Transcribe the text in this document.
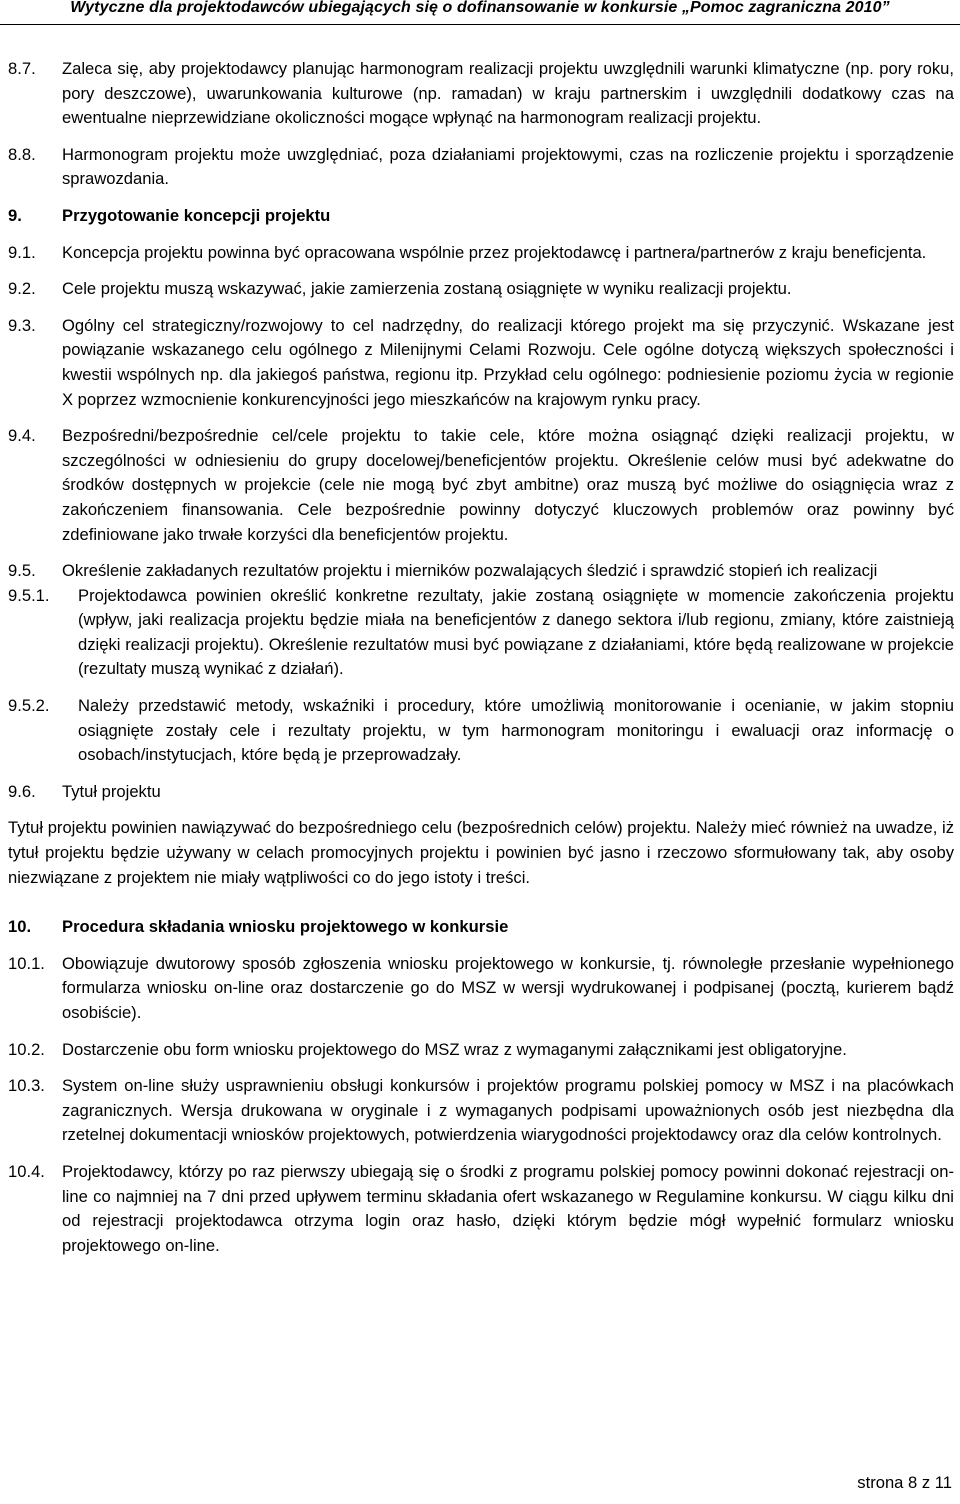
Wytyczne dla projektodawców ubiegających się o dofinansowanie w konkursie „Pomoc zagraniczna 2010”
8.7.	Zaleca się, aby projektodawcy planując harmonogram realizacji projektu uwzględnili warunki klimatyczne (np. pory roku, pory deszczowe), uwarunkowania kulturowe (np. ramadan) w kraju partnerskim i uwzględnili dodatkowy czas na ewentualne nieprzewidziane okoliczności mogące wpłynąć na harmonogram realizacji projektu.
8.8.	Harmonogram projektu może uwzględniać, poza działaniami projektowymi, czas na rozliczenie projektu i sporządzenie sprawozdania.
9.	Przygotowanie koncepcji projektu
9.1.	Koncepcja projektu powinna być opracowana wspólnie przez projektodawcę i partnera/partnerów z kraju beneficjenta.
9.2.	Cele projektu muszą wskazywać, jakie zamierzenia zostaną osiągnięte w wyniku realizacji projektu.
9.3.	Ogólny cel strategiczny/rozwojowy to cel nadrzędny, do realizacji którego projekt ma się przyczynić. Wskazane jest powiązanie wskazanego celu ogólnego z Milenijnymi Celami Rozwoju. Cele ogólne dotyczą większych społeczności i kwestii wspólnych np. dla jakiegoś państwa, regionu itp. Przykład celu ogólnego: podniesienie poziomu życia w regionie X poprzez wzmocnienie konkurencyjności jego mieszkańców na krajowym rynku pracy.
9.4.	Bezpośredni/bezpośrednie cel/cele projektu to takie cele, które można osiągnąć dzięki realizacji projektu, w szczególności w odniesieniu do grupy docelowej/beneficjentów projektu. Określenie celów musi być adekwatne do środków dostępnych w projekcie (cele nie mogą być zbyt ambitne) oraz muszą być możliwe do osiągnięcia wraz z zakończeniem finansowania. Cele bezpośrednie powinny dotyczyć kluczowych problemów oraz powinny być zdefiniowane jako trwałe korzyści dla beneficjentów projektu.
9.5.	Określenie zakładanych rezultatów projektu i mierników pozwalających śledzić i sprawdzić stopień ich realizacji
9.5.1.	Projektodawca powinien określić konkretne rezultaty, jakie zostaną osiągnięte w momencie zakończenia projektu (wpływ, jaki realizacja projektu będzie miała na beneficjentów z danego sektora i/lub regionu, zmiany, które zaistnieją dzięki realizacji projektu). Określenie rezultatów musi być powiązane z działaniami, które będą realizowane w projekcie (rezultaty muszą wynikać z działań).
9.5.2.	Należy przedstawić metody, wskaźniki i procedury, które umożliwią monitorowanie i ocenianie, w jakim stopniu osiągnięte zostały cele i rezultaty projektu, w tym harmonogram monitoringu i ewaluacji oraz informację o osobach/instytucjach, które będą je przeprowadzały.
9.6.	Tytuł projektu
Tytuł projektu powinien nawiązywać do bezpośredniego celu (bezpośrednich celów) projektu. Należy mieć również na uwadze, iż tytuł projektu będzie używany w celach promocyjnych projektu i powinien być jasno i rzeczowo sformułowany tak, aby osoby niezwiązane z projektem nie miały wątpliwości co do jego istoty i treści.
10.	Procedura składania wniosku projektowego w konkursie
10.1.	Obowiązuje dwutorowy sposób zgłoszenia wniosku projektowego w konkursie, tj. równoległe przesłanie wypełnionego formularza wniosku on-line oraz dostarczenie go do MSZ w wersji wydrukowanej i podpisanej (pocztą, kurierem bądź osobiście).
10.2.	Dostarczenie obu form wniosku projektowego do MSZ wraz z wymaganymi załącznikami jest obligatoryjne.
10.3.	System on-line służy usprawnieniu obsługi konkursów i projektów programu polskiej pomocy w MSZ i na placówkach zagranicznych. Wersja drukowana w oryginale i z wymaganych podpisami upoważnionych osób jest niezbędna dla rzetelnej dokumentacji wniosków projektowych, potwierdzenia wiarygodności projektodawcy oraz dla celów kontrolnych.
10.4.	Projektodawcy, którzy po raz pierwszy ubiegają się o środki z programu polskiej pomocy powinni dokonać rejestracji on-line co najmniej na 7 dni przed upływem terminu składania ofert wskazanego w Regulamine konkursu. W ciągu kilku dni od rejestracji projektodawca otrzyma login oraz hasło, dzięki którym będzie mógł wypełnić formularz wniosku projektowego on-line.
strona 8 z 11
